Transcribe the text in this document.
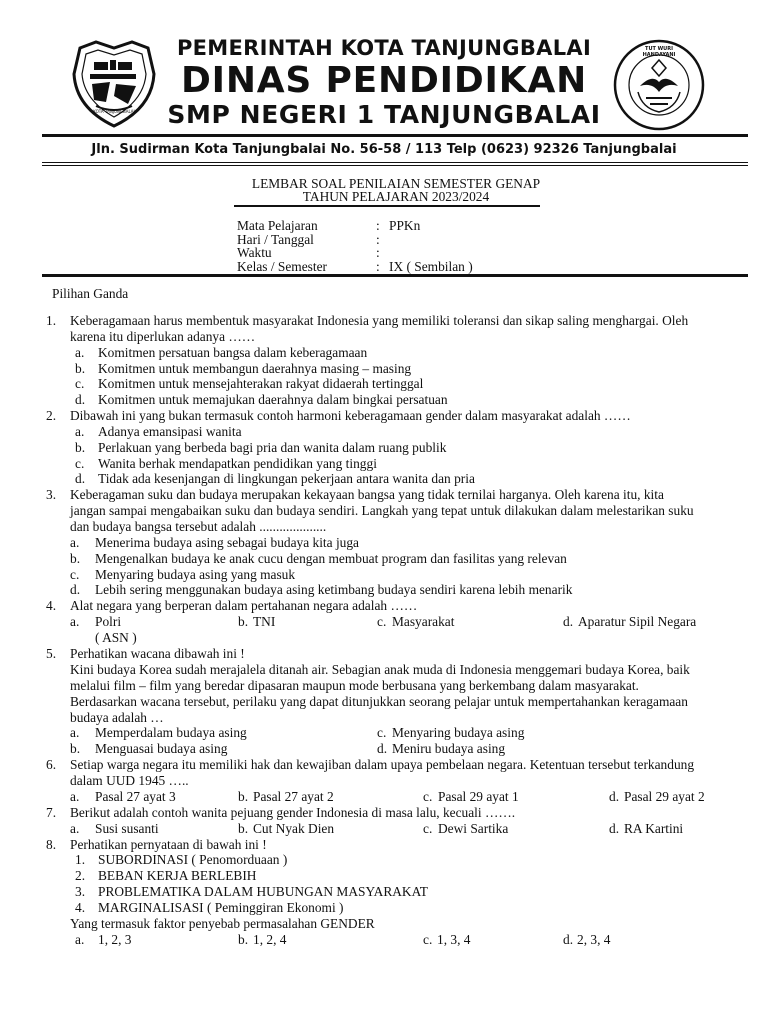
KOTA TANJUNGBALAI
TUT WURI HANDAYANI
PEMERINTAH KOTA TANJUNGBALAI
DINAS PENDIDIKAN
SMP NEGERI 1 TANJUNGBALAI
Jln. Sudirman Kota Tanjungbalai No. 56-58 / 113 Telp (0623) 92326 Tanjungbalai
LEMBAR SOAL PENILAIAN SEMESTER GENAP
TAHUN PELAJARAN 2023/2024
Mata Pelajaran	: PPKn
Hari / Tanggal	:
Waktu	:
Kelas / Semester	: IX ( Sembilan )
Pilihan Ganda
1. Keberagamaan harus membentuk masyarakat Indonesia yang memiliki toleransi dan sikap saling menghargai. Oleh
karena itu diperlukan adanya ……
a. Komitmen persatuan bangsa dalam keberagamaan
b. Komitmen untuk membangun daerahnya masing – masing
c. Komitmen untuk mensejahterakan rakyat didaerah tertinggal
d. Komitmen untuk memajukan daerahnya dalam bingkai persatuan
2. Dibawah ini yang bukan termasuk contoh harmoni keberagamaan gender dalam masyarakat adalah ……
a. Adanya emansipasi wanita
b. Perlakuan yang berbeda bagi pria dan wanita dalam ruang publik
c. Wanita berhak mendapatkan pendidikan yang tinggi
d. Tidak ada kesenjangan di lingkungan pekerjaan antara wanita dan pria
3. Keberagaman suku dan budaya merupakan kekayaan bangsa yang tidak ternilai harganya. Oleh karena itu, kita
jangan sampai mengabaikan suku dan budaya sendiri. Langkah yang tepat untuk dilakukan dalam melestarikan suku
dan budaya bangsa tersebut adalah ....................
a. Menerima budaya asing sebagai budaya kita juga
b. Mengenalkan budaya ke anak cucu dengan membuat program dan fasilitas yang relevan
c. Menyaring budaya asing yang masuk
d. Lebih sering menggunakan budaya asing ketimbang budaya sendiri karena lebih menarik
4. Alat negara yang berperan dalam pertahanan negara adalah ……
a. Polri	b. TNI	c. Masyarakat	d. Aparatur Sipil Negara
( ASN )
5. Perhatikan wacana dibawah ini !
Kini budaya Korea sudah merajalela ditanah air. Sebagian anak muda di Indonesia menggemari budaya Korea, baik
melalui film – film yang beredar dipasaran maupun mode berbusana yang berkembang dalam masyarakat.
Berdasarkan wacana tersebut, perilaku yang dapat ditunjukkan seorang pelajar untuk mempertahankan keragamaan
budaya adalah …
a. Memperdalam budaya asing	c. Menyaring budaya asing
b. Menguasai budaya asing	d. Meniru budaya asing
6. Setiap warga negara itu memiliki hak dan kewajiban dalam upaya pembelaan negara. Ketentuan tersebut terkandung
dalam UUD 1945 …..
a. Pasal 27 ayat 3	b. Pasal 27 ayat 2	c. Pasal 29 ayat 1	d. Pasal 29 ayat 2
7. Berikut adalah contoh wanita pejuang gender Indonesia di masa lalu, kecuali …….
a. Susi susanti	b. Cut Nyak Dien	c. Dewi Sartika	d. RA Kartini
8. Perhatikan pernyataan di bawah ini !
1. SUBORDINASI ( Penomorduaan )
2. BEBAN KERJA BERLEBIH
3. PROBLEMATIKA DALAM HUBUNGAN MASYARAKAT
4. MARGINALISASI ( Peminggiran Ekonomi )
Yang termasuk faktor penyebab permasalahan GENDER
a. 1, 2, 3	b. 1, 2, 4	c. 1, 3, 4	d. 2, 3, 4
